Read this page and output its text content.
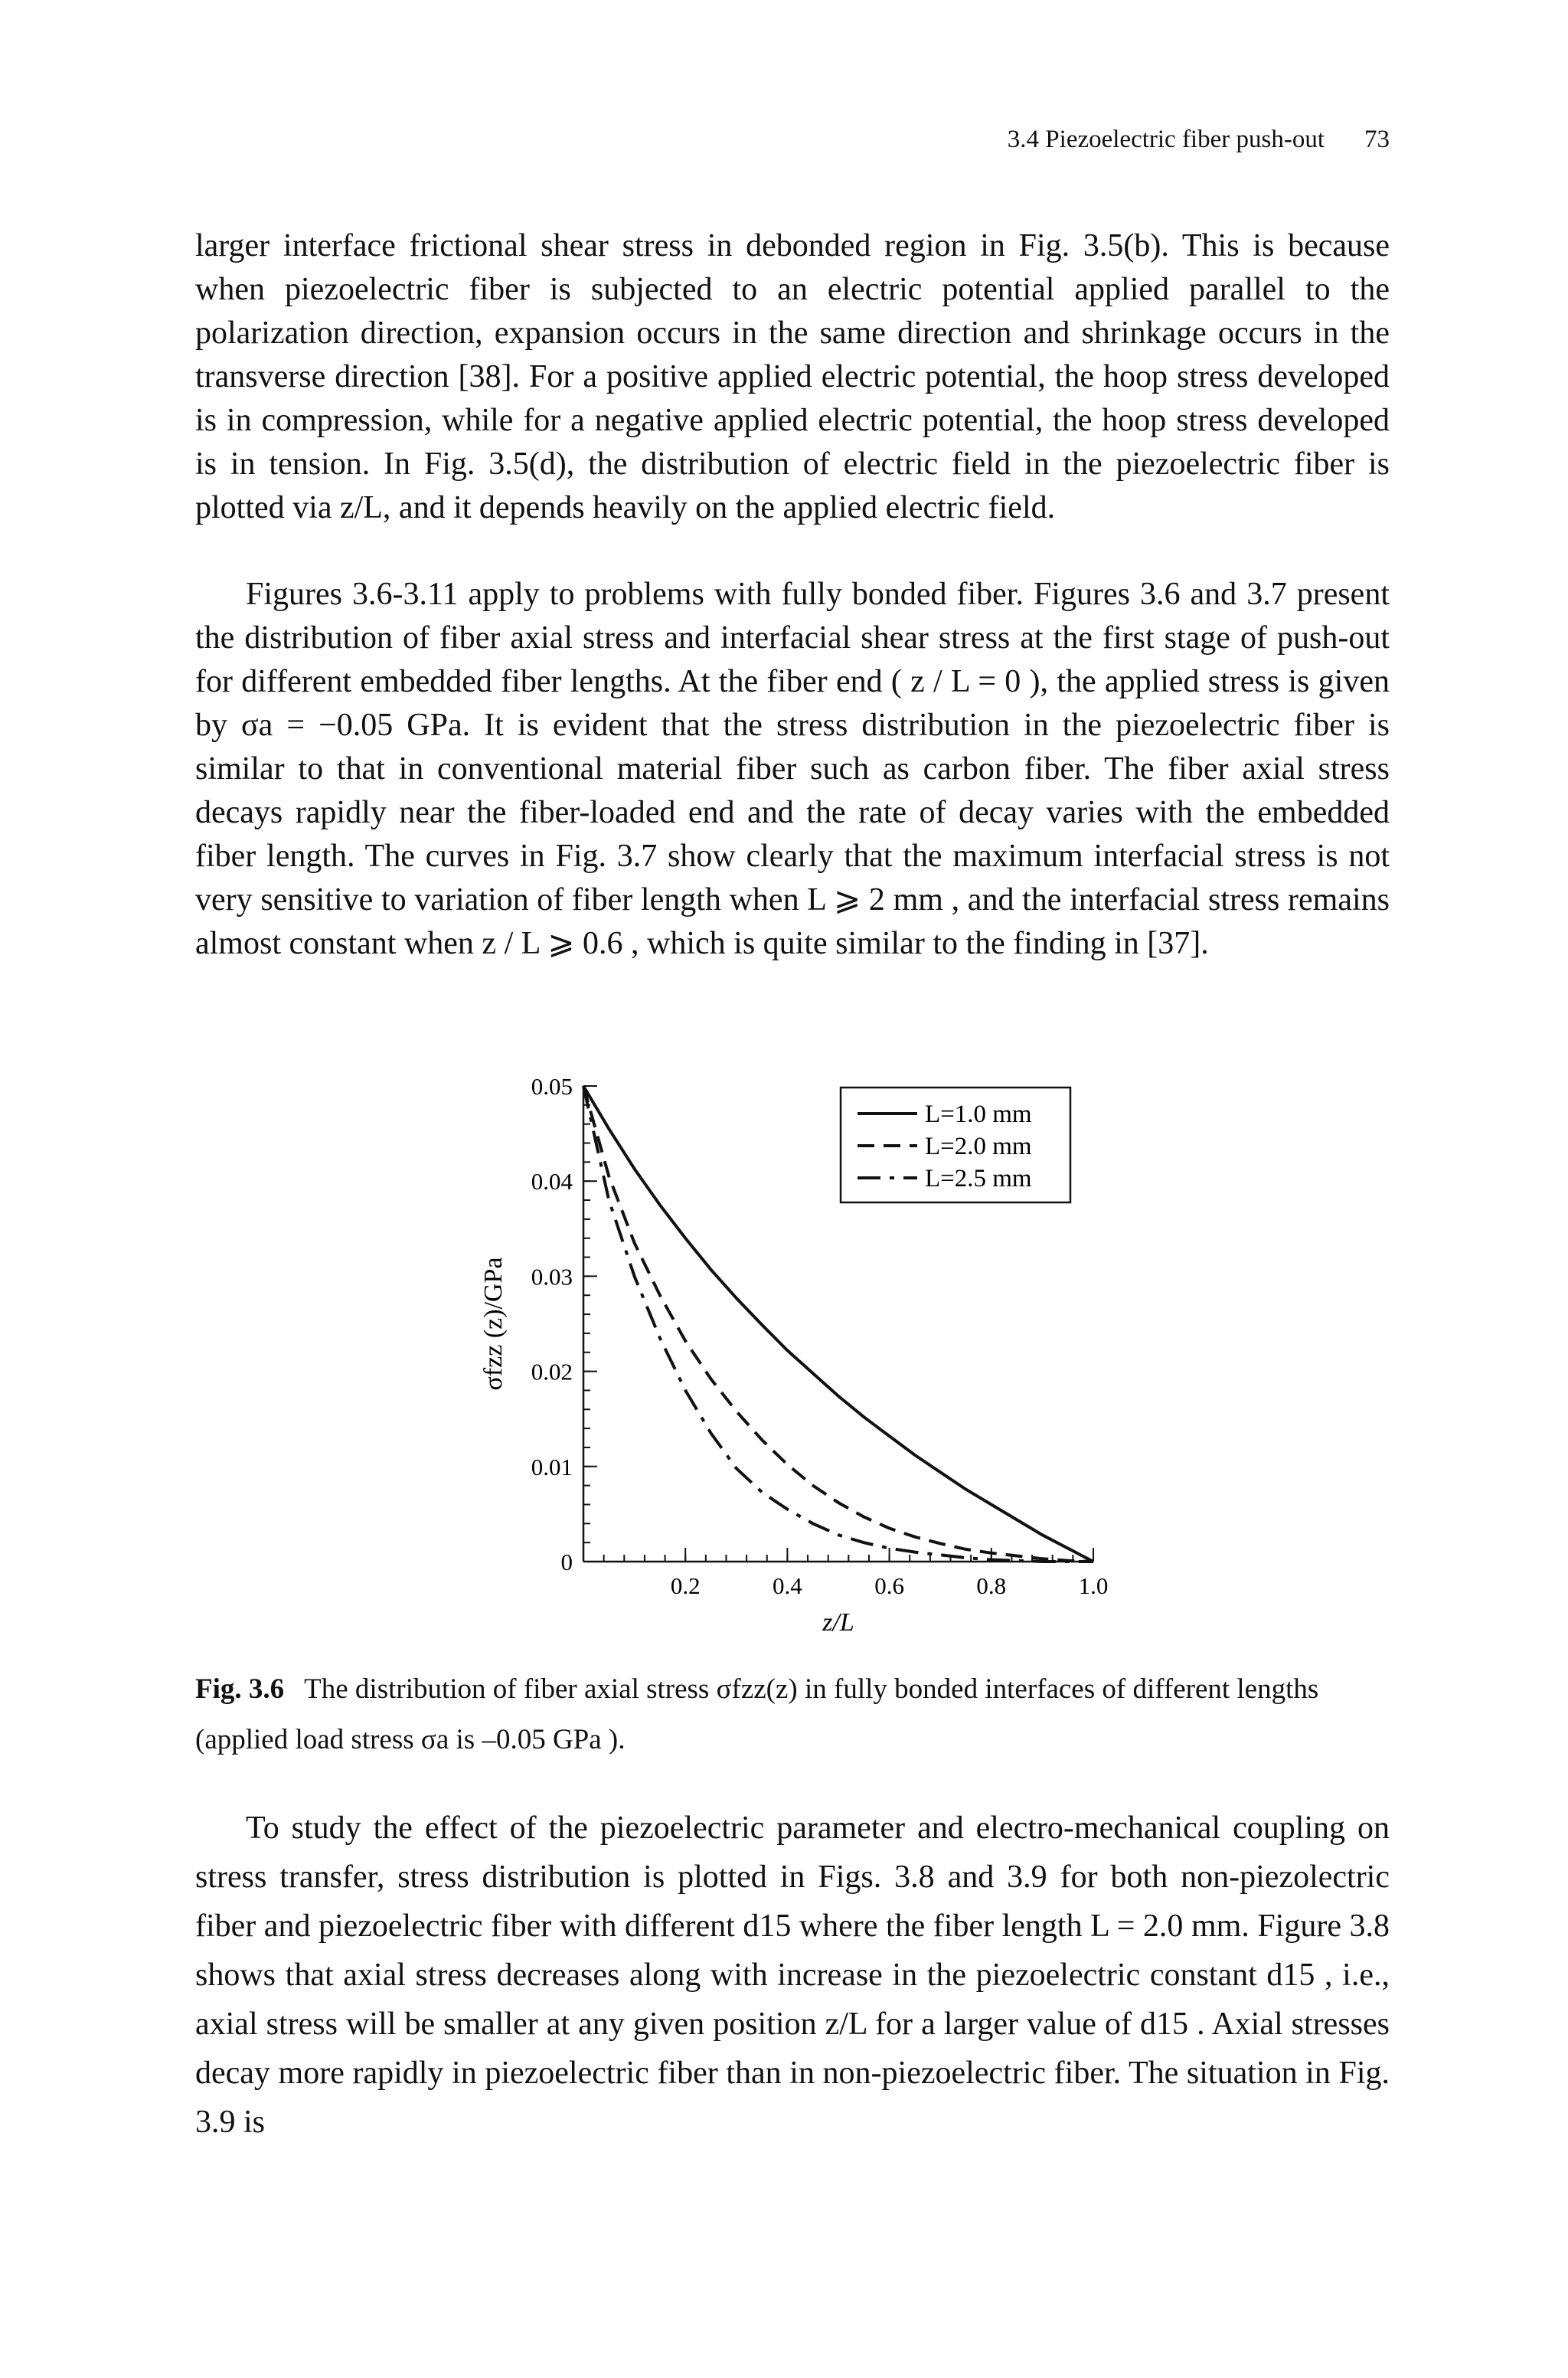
3.4 Piezoelectric fiber push-out 73

larger interface frictional shear stress in debonded region in Fig. 3.5(b). This is because when piezoelectric fiber is subjected to an electric potential applied parallel to the polarization direction, expansion occurs in the same direction and shrinkage occurs in the transverse direction [38]. For a positive applied electric potential, the hoop stress developed is in compression, while for a negative applied electric potential, the hoop stress developed is in tension. In Fig. 3.5(d), the distribution of electric field in the piezoelectric fiber is plotted via z/L, and it depends heavily on the applied electric field.

Figures 3.6-3.11 apply to problems with fully bonded fiber. Figures 3.6 and 3.7 present the distribution of fiber axial stress and interfacial shear stress at the first stage of push-out for different embedded fiber lengths. At the fiber end ( z / L = 0 ), the applied stress is given by σa = −0.05 GPa. It is evident that the stress distribution in the piezoelectric fiber is similar to that in conventional material fiber such as carbon fiber. The fiber axial stress decays rapidly near the fiber-loaded end and the rate of decay varies with the embedded fiber length. The curves in Fig. 3.7 show clearly that the maximum interfacial stress is not very sensitive to variation of fiber length when L ⩾ 2 mm , and the interfacial stress remains almost constant when z / L ⩾ 0.6 , which is quite similar to the finding in [37].

0
0.01
0.02
0.03
0.04
0.05
0.2	0.4	0.6	0.8	1.0
z/L
σfzz (z)/GPa
L=1.0 mm
L=2.0 mm
L=2.5 mm

Fig. 3.6 The distribution of fiber axial stress σfzz(z) in fully bonded interfaces of different lengths (applied load stress σa is –0.05 GPa ).

To study the effect of the piezoelectric parameter and electro-mechanical coupling on stress transfer, stress distribution is plotted in Figs. 3.8 and 3.9 for both non-piezolectric fiber and piezoelectric fiber with different d15 where the fiber length L = 2.0 mm. Figure 3.8 shows that axial stress decreases along with increase in the piezoelectric constant d15 , i.e., axial stress will be smaller at any given position z/L for a larger value of d15 . Axial stresses decay more rapidly in piezoelectric fiber than in non-piezoelectric fiber. The situation in Fig. 3.9 is
